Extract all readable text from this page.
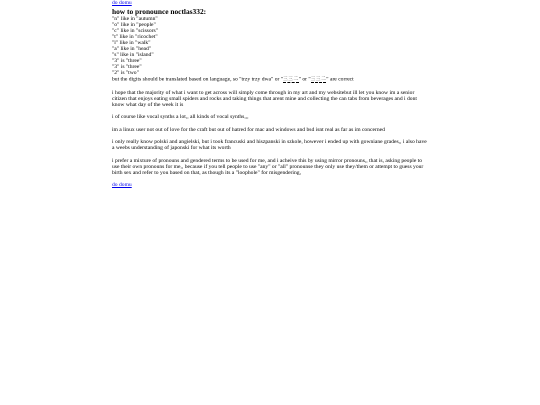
do domu
how to pronounce noctlas332:
"n" like in "autumn"
"o" like in "people"
"c" like in "scissors"
"t" like in "ricochet"
"l" like in "walk"
"a" like in "head"
"s" like in "island"
"3" is "three"
"3" is "three"
"2" is "two"
but the digits should be translated based on language, so "trzy trzy dwa" or "三三二" or "三三二" are correct

i hope that the majority of what i want to get across will simply come through in my art and my websitebut ill let you know im a senior citizen that enjoys eating small spiders and rocks and taking things that arent mine and collecting the can tabs from beverages and i dont know what day of the week it is

i of course like vocal synths a lot,, all kinds of vocal synths,,,

im a linux user not out of love for the craft but out of hatred for mac and windows and bsd isnt real as far as im concerned

i only really know polski and angielski, but i took francuski and hiszpanski in szkole, however i ended up with gowniane grades,, i also have a weebs understanding of japonski for what its worth

i prefer a mixture of pronouns and gendered terms to be used for me, and i acheive this by using mirror pronouns,, that is, asking people to use their own pronouns for me,, because if you tell people to use "any" or "all" pronounse they only use they/them or attempt to guess your birth sex and refer to you based on that, as though its a "loophole" for misgendering,

do domu
